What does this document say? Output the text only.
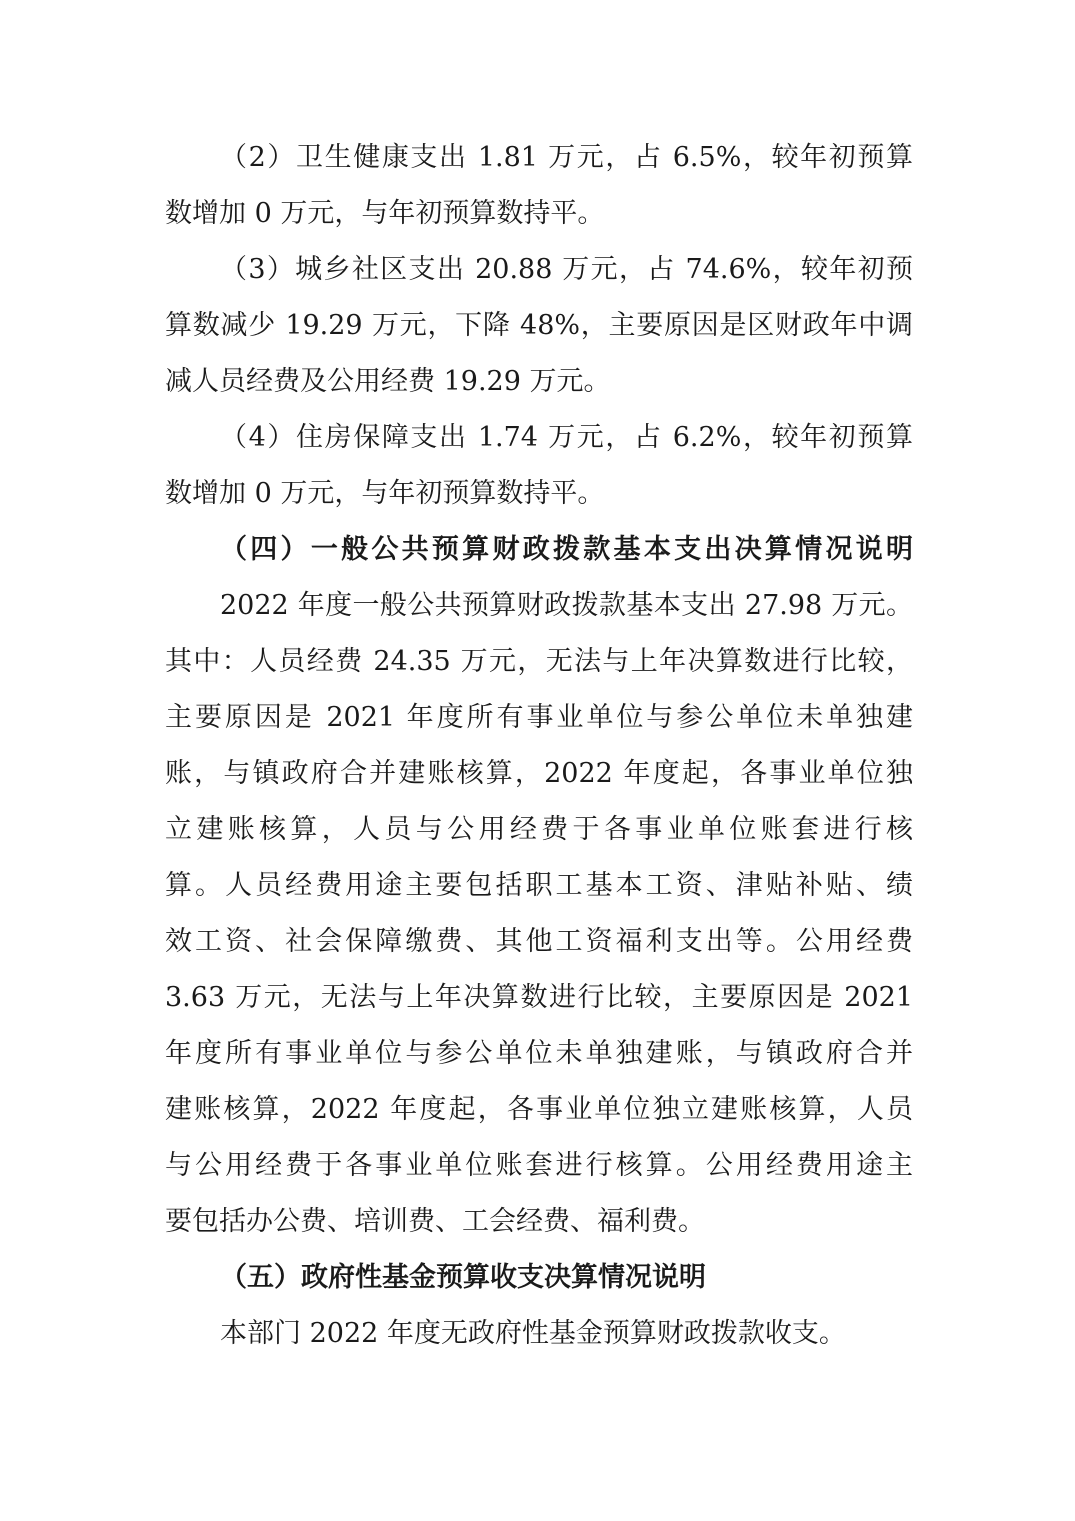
（2）卫生健康支出 1.81 万元，占 6.5%，较年初预算
数增加 0 万元，与年初预算数持平。
（3）城乡社区支出 20.88 万元，占 74.6%，较年初预
算数减少 19.29 万元，下降 48%，主要原因是区财政年中调
减人员经费及公用经费 19.29 万元。
（4）住房保障支出 1.74 万元，占 6.2%，较年初预算
数增加 0 万元，与年初预算数持平。
（四）一般公共预算财政拨款基本支出决算情况说明
2022 年度一般公共预算财政拨款基本支出 27.98 万元。
其中：人员经费 24.35 万元，无法与上年决算数进行比较，
主要原因是 2021 年度所有事业单位与参公单位未单独建
账，与镇政府合并建账核算，2022 年度起，各事业单位独
立建账核算，人员与公用经费于各事业单位账套进行核
算。人员经费用途主要包括职工基本工资、津贴补贴、绩
效工资、社会保障缴费、其他工资福利支出等。公用经费
3.63 万元，无法与上年决算数进行比较，主要原因是 2021
年度所有事业单位与参公单位未单独建账，与镇政府合并
建账核算，2022 年度起，各事业单位独立建账核算，人员
与公用经费于各事业单位账套进行核算。公用经费用途主
要包括办公费、培训费、工会经费、福利费。
（五）政府性基金预算收支决算情况说明
本部门 2022 年度无政府性基金预算财政拨款收支。
